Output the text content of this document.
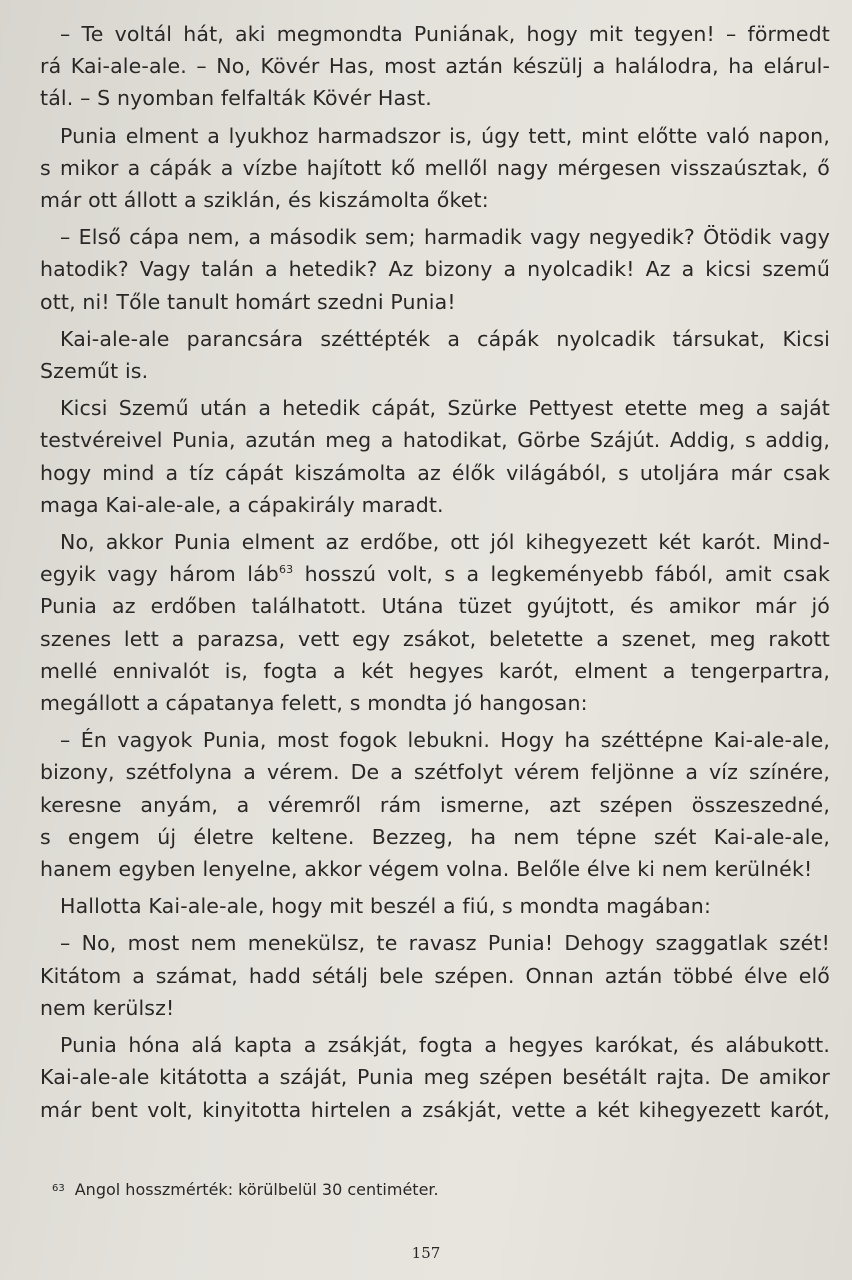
– Te voltál hát, aki megmondta Puniának, hogy mit tegyen! – förmedt
rá Kai-ale-ale. – No, Kövér Has, most aztán készülj a halálodra, ha elárul-
tál. – S nyomban felfalták Kövér Hast.

Punia elment a lyukhoz harmadszor is, úgy tett, mint előtte való napon,
s mikor a cápák a vízbe hajított kő mellől nagy mérgesen visszaúsztak, ő
már ott állott a sziklán, és kiszámolta őket:

– Első cápa nem, a második sem; harmadik vagy negyedik? Ötödik vagy
hatodik? Vagy talán a hetedik? Az bizony a nyolcadik! Az a kicsi szemű
ott, ni! Tőle tanult homárt szedni Punia!

Kai-ale-ale parancsára széttépték a cápák nyolcadik társukat, Kicsi
Szeműt is.

Kicsi Szemű után a hetedik cápát, Szürke Pettyest etette meg a saját
testvéreivel Punia, azután meg a hatodikat, Görbe Szájút. Addig, s addig,
hogy mind a tíz cápát kiszámolta az élők világából, s utoljára már csak
maga Kai-ale-ale, a cápakirály maradt.

No, akkor Punia elment az erdőbe, ott jól kihegyezett két karót. Mind-
egyik vagy három láb$^{63}$ hosszú volt, s a legkeményebb fából, amit csak
Punia az erdőben találhatott. Utána tüzet gyújtott, és amikor már jó
szenes lett a parazsa, vett egy zsákot, beletette a szenet, meg rakott
mellé ennivalót is, fogta a két hegyes karót, elment a tengerpartra,
megállott a cápatanya felett, s mondta jó hangosan:

– Én vagyok Punia, most fogok lebukni. Hogy ha széttépne Kai-ale-ale,
bizony, szétfolyna a vérem. De a szétfolyt vérem feljönne a víz színére,
keresne anyám, a véremről rám ismerne, azt szépen összeszedné,
s engem új életre keltene. Bezzeg, ha nem tépne szét Kai-ale-ale,
hanem egyben lenyelne, akkor végem volna. Belőle élve ki nem kerülnék!

Hallotta Kai-ale-ale, hogy mit beszél a fiú, s mondta magában:

– No, most nem menekülsz, te ravasz Punia! Dehogy szaggatlak szét!
Kitátom a számat, hadd sétálj bele szépen. Onnan aztán többé élve elő
nem kerülsz!

Punia hóna alá kapta a zsákját, fogta a hegyes karókat, és alábukott.
Kai-ale-ale kitátotta a száját, Punia meg szépen besétált rajta. De amikor
már bent volt, kinyitotta hirtelen a zsákját, vette a két kihegyezett karót,

$^{63}$ Angol hosszmérték: körülbelül 30 centiméter.
157
